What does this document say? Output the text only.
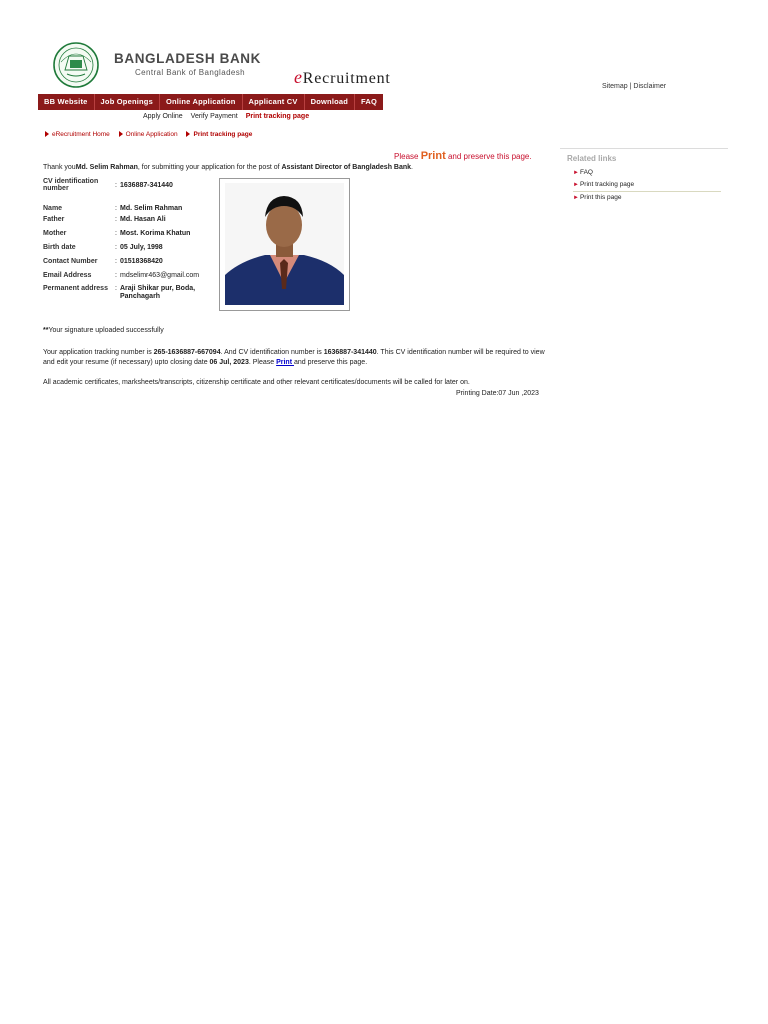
BANGLADESH BANK
Central Bank of Bangladesh	eRecruitment	Sitemap | Disclaimer
BB Website	Job Openings	Online Application	Applicant CV	Download	FAQ
Apply Online Verify Payment Print tracking page
eRecruitment Home Online Application Print tracking page
Related links
►FAQ
►Print tracking page
►Print this page
Please Print and preserve this page.
Thank youMd. Selim Rahman, for submitting your application for the post of Assistant Director of Bangladesh Bank.
CV identification number	:	1636887-341440
Name	:	Md. Selim Rahman
Father	:	Md. Hasan Ali
Mother	:	Most. Korima Khatun
Birth date	:	05 July, 1998
Contact Number	:	01518368420
Email Address	:	mdselimr463@gmail.com
Permanent address	:	Araji Shikar pur, Boda, Panchagarh
**Your signature uploaded successfully
Your application tracking number is 265-1636887-667094. And CV identification number is 1636887-341440. This CV identification number will be required to view and edit your resume (if necessary) upto closing date 06 Jul, 2023. Please Print and preserve this page.
All academic certificates, marksheets/transcripts, citizenship certificate and other relevant certificates/documents will be called for later on.
Printing Date:07 Jun ,2023
